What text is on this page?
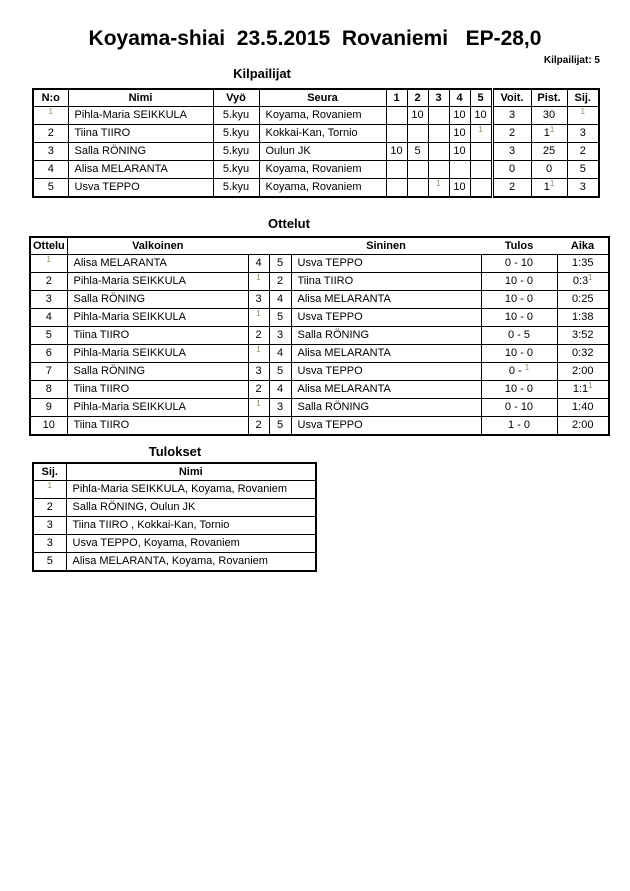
Koyama-shiai  23.5.2015  Rovaniemi   EP-28,0
Kilpailijat: 5
Kilpailijat
N:o	Nimi	Vyö	Seura	1	2	3	4	5	Voit.	Pist.	Sij.
1	Pihla-Maria SEIKKULA	5.kyu	Koyama, Rovaniem		10		10	10	3	30	1
2	Tiina TIIRO	5.kyu	Kokkai-Kan, Tornio				10	1	2	11	3
3	Salla RÖNING	5.kyu	Oulun JK	10	5		10		3	25	2
4	Alisa MELARANTA	5.kyu	Koyama, Rovaniem						0	0	5
5	Usva TEPPO	5.kyu	Koyama, Rovaniem			1	10		2	11	3
Ottelut
Ottelu	Valkoinen			Sininen	Tulos	Aika
1	Alisa MELARANTA	4	5	Usva TEPPO	0 - 10	1:35
2	Pihla-Maria SEIKKULA	1	2	Tiina TIIRO	10 - 0	0:31
3	Salla RÖNING	3	4	Alisa MELARANTA	10 - 0	0:25
4	Pihla-Maria SEIKKULA	1	5	Usva TEPPO	10 - 0	1:38
5	Tiina TIIRO	2	3	Salla RÖNING	0 - 5	3:52
6	Pihla-Maria SEIKKULA	1	4	Alisa MELARANTA	10 - 0	0:32
7	Salla RÖNING	3	5	Usva TEPPO	0 - 1	2:00
8	Tiina TIIRO	2	4	Alisa MELARANTA	10 - 0	1:11
9	Pihla-Maria SEIKKULA	1	3	Salla RÖNING	0 - 10	1:40
10	Tiina TIIRO	2	5	Usva TEPPO	1 - 0	2:00
Tulokset
Sij.	Nimi
1	Pihla-Maria SEIKKULA, Koyama, Rovaniem
2	Salla RÖNING, Oulun JK
3	Tiina TIIRO , Kokkai-Kan, Tornio
3	Usva TEPPO, Koyama, Rovaniem
5	Alisa MELARANTA, Koyama, Rovaniem
